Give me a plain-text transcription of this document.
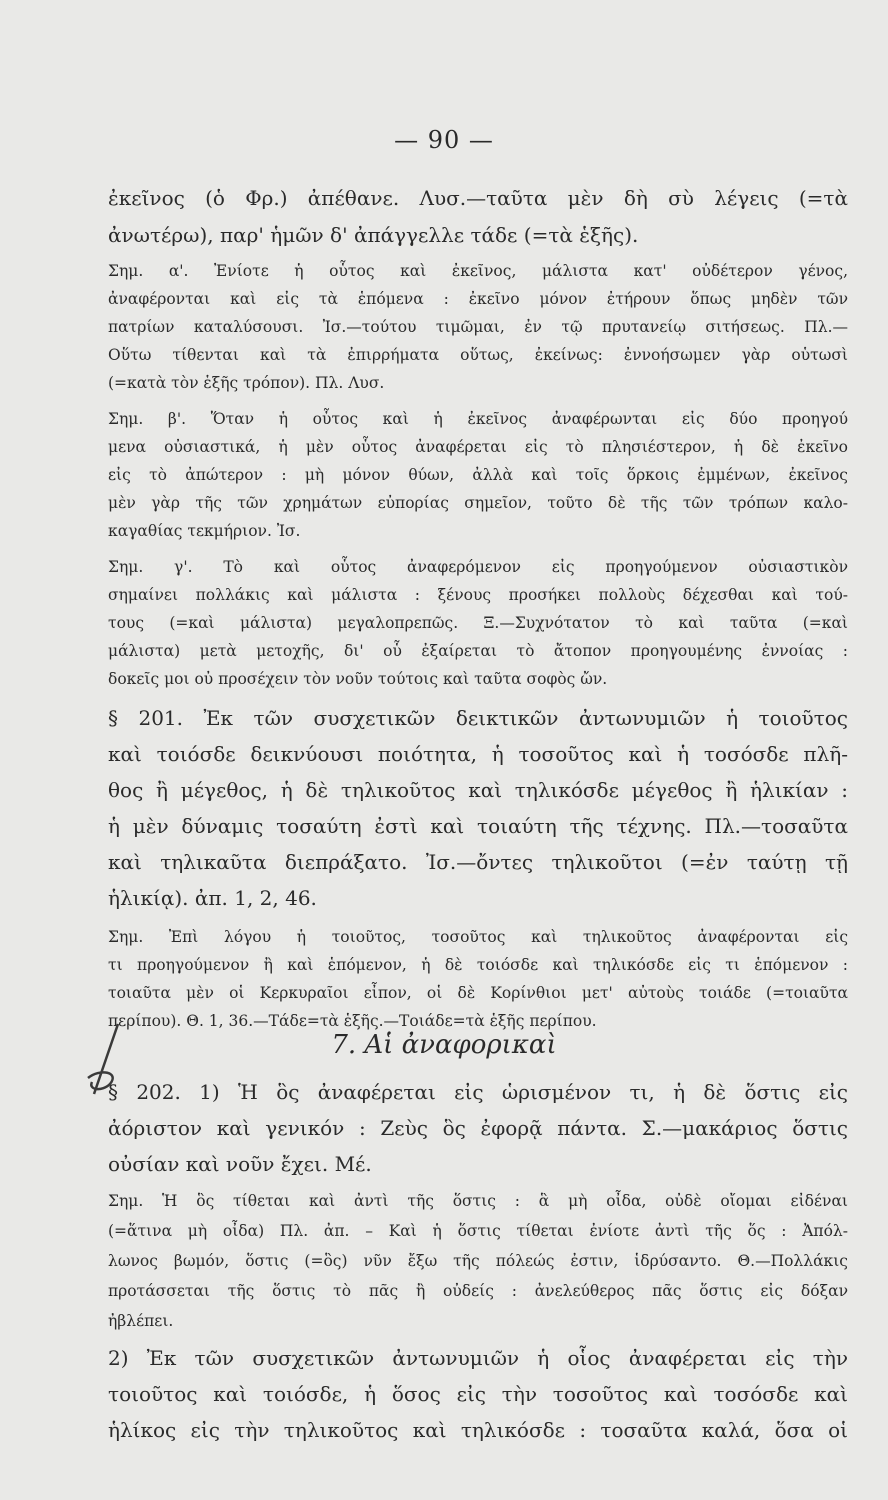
— 90 —
ἐκεῖνος (ὁ Φρ.) ἀπέθανε. Λυσ.—ταῦτα μὲν δὴ σὺ λέγεις (=τὰ
ἀνωτέρω), παρ' ἡμῶν δ' ἀπάγγελλε τάδε (=τὰ ἑξῆς).
Σημ. α'. Ἐνίοτε ἡ οὗτος καὶ ἐκεῖνος, μάλιστα κατ' οὐδέτερον γένος,
ἀναφέρονται καὶ εἰς τὰ ἑπόμενα : ἐκεῖνο μόνον ἐτήρουν ὅπως μηδὲν τῶν
πατρίων καταλύσουσι. Ἰσ.—τούτου τιμῶμαι, ἐν τῷ πρυτανείῳ σιτήσεως. Πλ.—
Οὕτω τίθενται καὶ τὰ ἐπιρρήματα οὕτως, ἐκείνως: ἐννοήσωμεν γὰρ οὑτωσὶ
(=κατὰ τὸν ἑξῆς τρόπον). Πλ. Λυσ.
Σημ. β'. Ὅταν ἡ οὗτος καὶ ἡ ἐκεῖνος ἀναφέρωνται εἰς δύο προηγού
μενα οὐσιαστικά, ἡ μὲν οὗτος ἀναφέρεται εἰς τὸ πλησιέστερον, ἡ δὲ ἐκεῖνο
εἰς τὸ ἀπώτερον : μὴ μόνον θύων, ἀλλὰ καὶ τοῖς ὅρκοις ἐμμένων, ἐκεῖνος
μὲν γὰρ τῆς τῶν χρημάτων εὐπορίας σημεῖον, τοῦτο δὲ τῆς τῶν τρόπων καλο-
καγαθίας τεκμήριον. Ἰσ.
Σημ. γ'. Τὸ καὶ οὗτος ἀναφερόμενον εἰς προηγούμενον οὐσιαστικὸν
σημαίνει πολλάκις καὶ μάλιστα : ξένους προσήκει πολλοὺς δέχεσθαι καὶ τού-
τους (=καὶ μάλιστα) μεγαλοπρεπῶς. Ξ.—Συχνότατον τὸ καὶ ταῦτα (=καὶ
μάλιστα) μετὰ μετοχῆς, δι' οὗ ἐξαίρεται τὸ ἄτοπον προηγουμένης ἐννοίας :
δοκεῖς μοι οὐ προσέχειν τὸν νοῦν τούτοις καὶ ταῦτα σοφὸς ὤν.
§ 201. Ἐκ τῶν συσχετικῶν δεικτικῶν ἀντωνυμιῶν ἡ τοιοῦτος
καὶ τοιόσδε δεικνύουσι ποιότητα, ἡ τοσοῦτος καὶ ἡ τοσόσδε πλῆ-
θος ἢ μέγεθος, ἡ δὲ τηλικοῦτος καὶ τηλικόσδε μέγεθος ἢ ἡλικίαν :
ἡ μὲν δύναμις τοσαύτη ἐστὶ καὶ τοιαύτη τῆς τέχνης. Πλ.—τοσαῦτα
καὶ τηλικαῦτα διεπράξατο. Ἰσ.—ὄντες τηλικοῦτοι (=ἐν ταύτῃ τῇ
ἡλικίᾳ). ἀπ. 1, 2, 46.
Σημ. Ἐπὶ λόγου ἡ τοιοῦτος, τοσοῦτος καὶ τηλικοῦτος ἀναφέρονται εἰς
τι προηγούμενον ἢ καὶ ἑπόμενον, ἡ δὲ τοιόσδε καὶ τηλικόσδε εἰς τι ἑπόμενον :
τοιαῦτα μὲν οἱ Κερκυραῖοι εἶπον, οἱ δὲ Κορίνθιοι μετ' αὐτοὺς τοιάδε (=τοιαῦτα
περίπου). Θ. 1, 36.—Τάδε=τὰ ἑξῆς.—Τοιάδε=τὰ ἑξῆς περίπου.
7. Αἱ ἀναφορικαὶ
§ 202. 1) Ἡ ὃς ἀναφέρεται εἰς ὡρισμένον τι, ἡ δὲ ὅστις εἰς
ἀόριστον καὶ γενικόν : Ζεὺς ὃς ἐφορᾷ πάντα. Σ.—μακάριος ὅστις
οὐσίαν καὶ νοῦν ἔχει. Μέ.
Σημ. Ἡ ὃς τίθεται καὶ ἀντὶ τῆς ὅστις : ἃ μὴ οἶδα, οὐδὲ οἴομαι εἰδέναι
(=ἅτινα μὴ οἶδα) Πλ. ἀπ. – Καὶ ἡ ὅστις τίθεται ἐνίοτε ἀντὶ τῆς ὅς : Ἀπόλ-
λωνος βωμόν, ὅστις (=ὃς) νῦν ἔξω τῆς πόλεώς ἐστιν, ἱδρύσαντο. Θ.—Πολλάκις
προτάσσεται τῆς ὅστις τὸ πᾶς ἢ οὐδείς : ἀνελεύθερος πᾶς ὅστις εἰς δόξαν
ἠβλέπει.
2) Ἐκ τῶν συσχετικῶν ἀντωνυμιῶν ἡ οἷος ἀναφέρεται εἰς τὴν
τοιοῦτος καὶ τοιόσδε, ἡ ὅσος εἰς τὴν τοσοῦτος καὶ τοσόσδε καὶ
ἡλίκος εἰς τὴν τηλικοῦτος καὶ τηλικόσδε : τοσαῦτα καλά, ὅσα οἱ
